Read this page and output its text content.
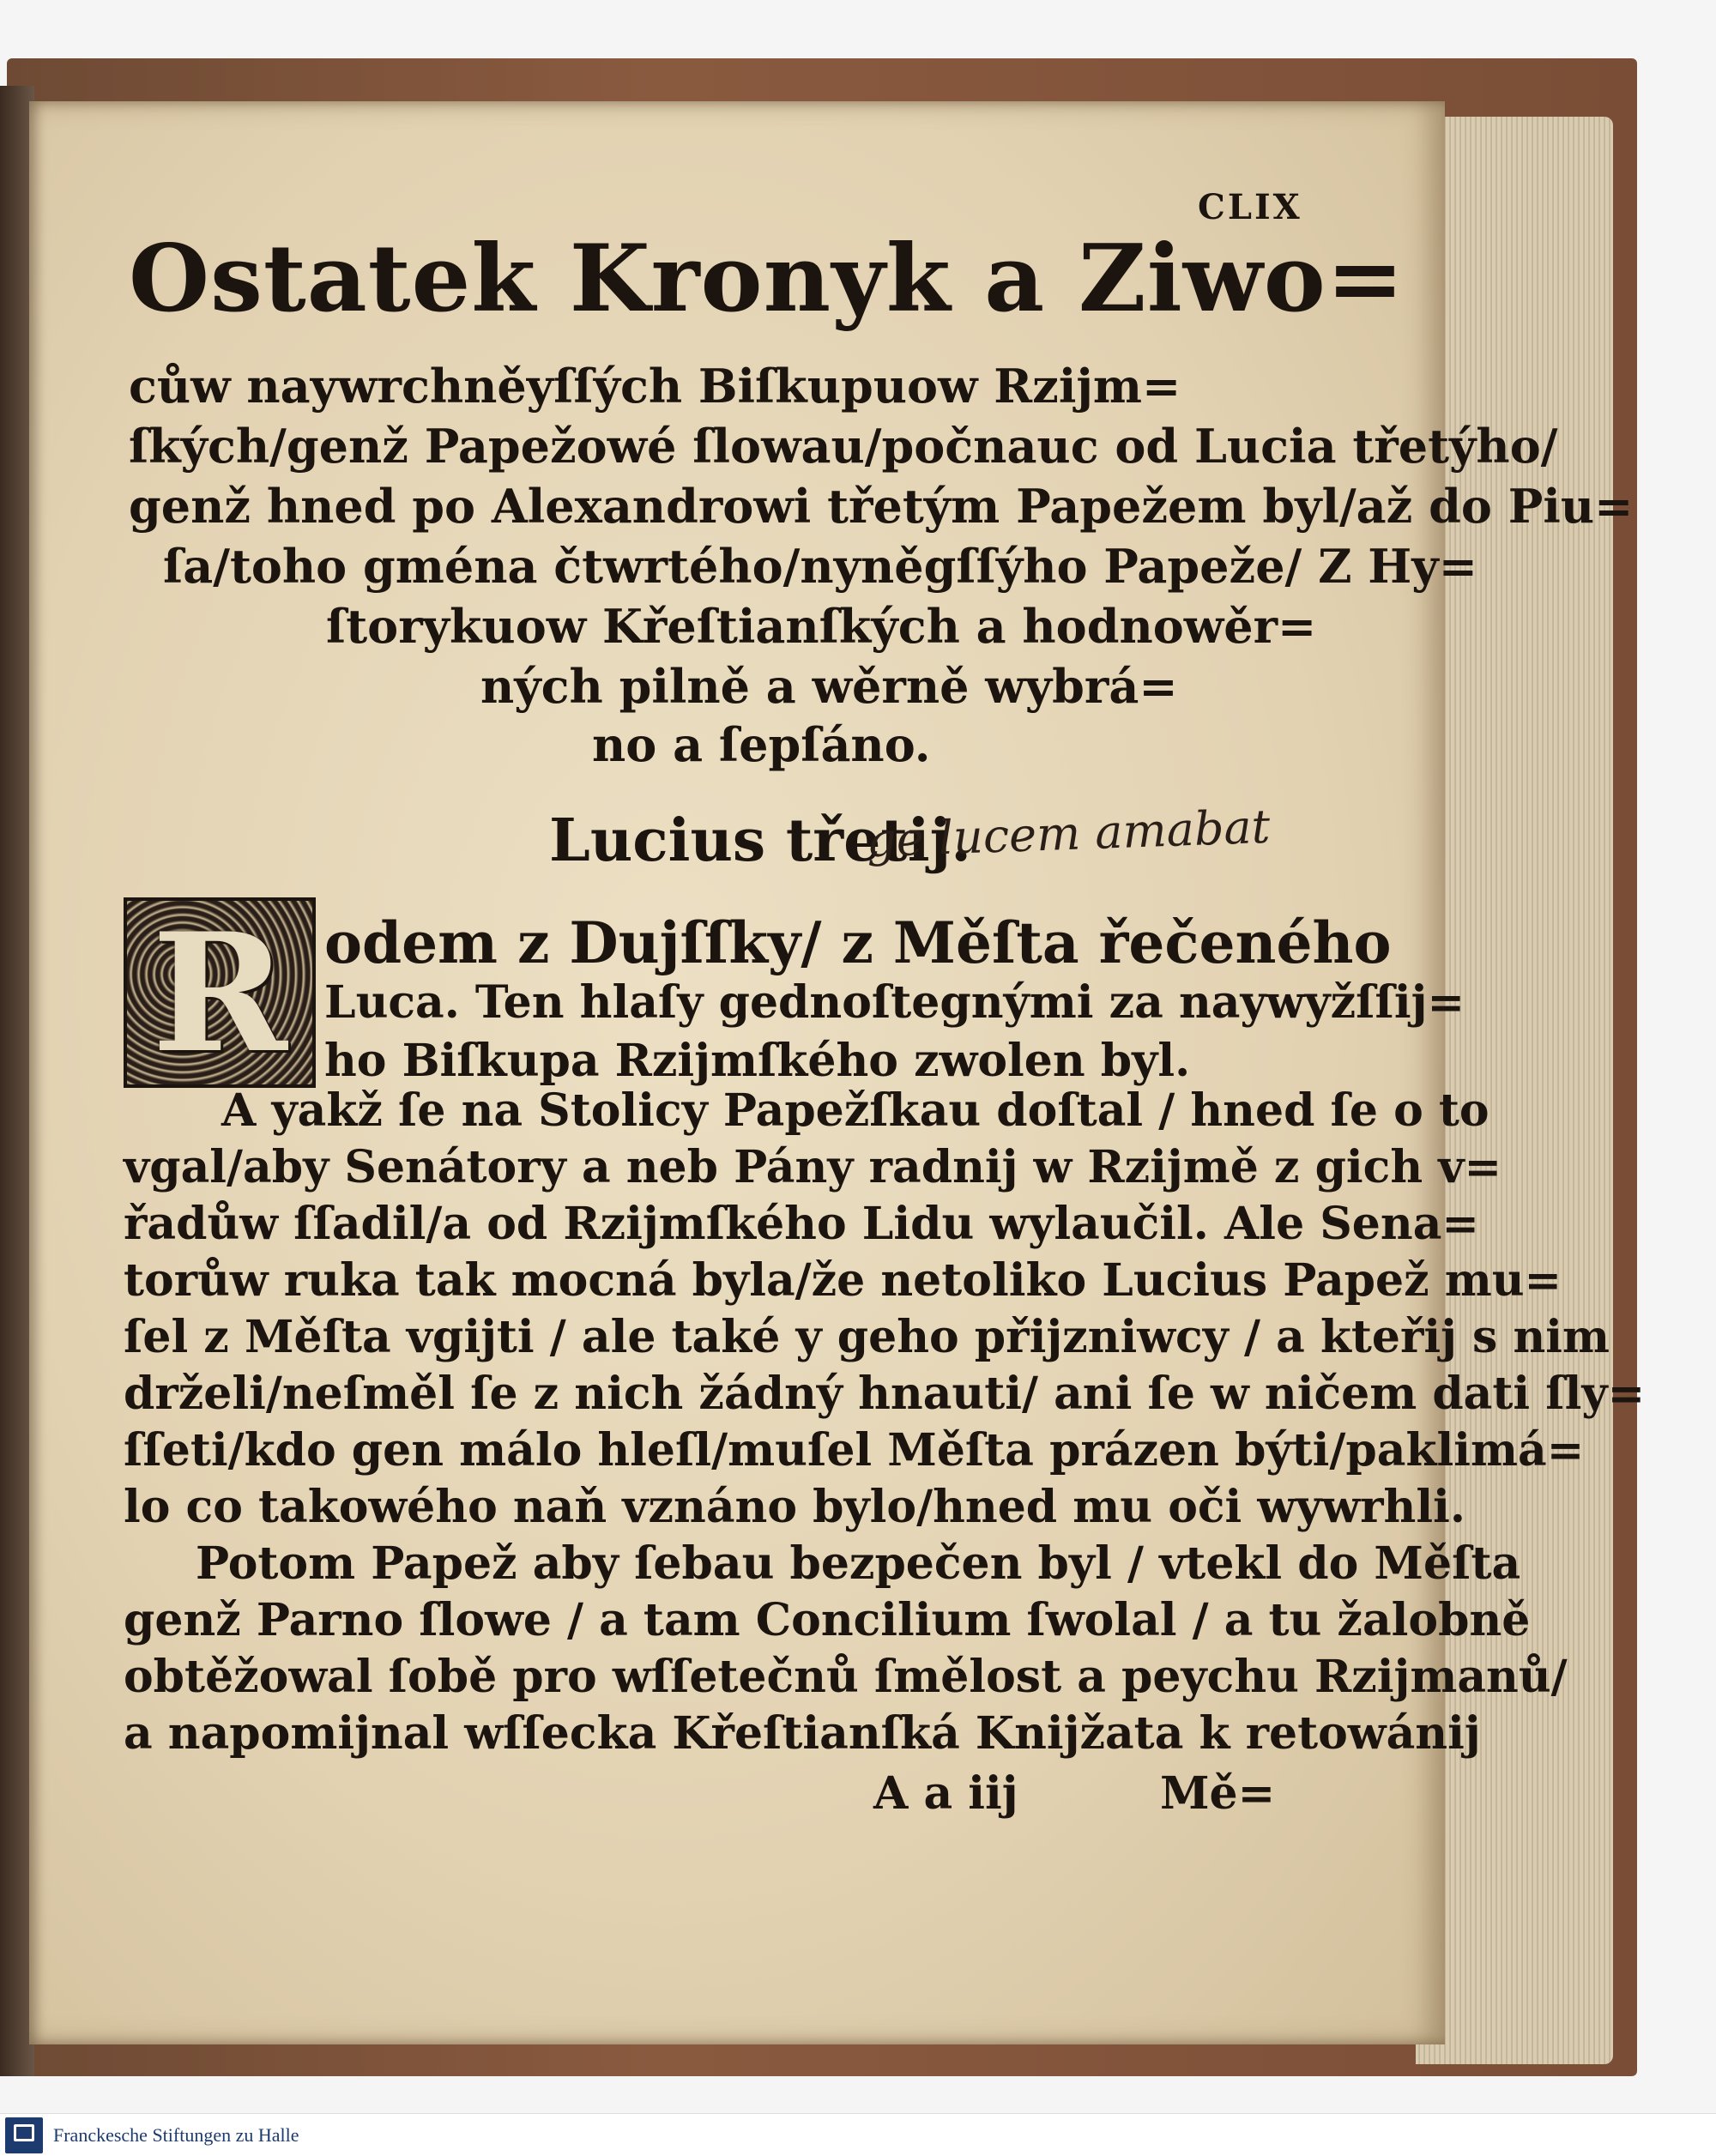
CLIX
Ostatek Kronyk a Ziwo=
cůw naywrchněyſſých Biſkupuow Rzijm=
ſkých/genž Papežowé ſlowau/počnauc od Lucia třetýho/
genž hned po Alexandrowi třetým Papežem byl/až do Piu=
ſa/toho gména čtwrtého/nyněgſſýho Papeže/ Z Hy=
ſtorykuow Křeſtianſkých a hodnowěr=
ných pilně a wěrně wybrá=
no a ſepſáno.
Lucius třetij.
ge lucem amabat
R odem z Dujſſky/ z Měſta řečeného
Luca. Ten hlaſy gednoſtegnými za naywyžſſij=
ho Biſkupa Rzijmſkého zwolen byl.
A yakž ſe na Stolicy Papežſkau doſtal / hned ſe o to
vgal/aby Senátory a neb Pány radnij w Rzijmě z gich v=
řadůw ſſadil/a od Rzijmſkého Lidu wylaučil. Ale Sena=
torůw ruka tak mocná byla/že netoliko Lucius Papež mu=
ſel z Měſta vgijti / ale také y geho přijzniwcy / a kteřij s nim
drželi/neſměl ſe z nich žádný hnauti/ ani ſe w ničem dati ſly=
ſſeti/kdo gen málo hleſl/muſel Měſta prázen býti/paklimá=
lo co takowého naň vznáno bylo/hned mu oči wywrhli.
Potom Papež aby ſebau bezpečen byl / vtekl do Měſta
genž Parno ſlowe / a tam Concilium ſwolal / a tu žalobně
obtěžowal ſobě pro wſſetečnů ſmělost a peychu Rzijmanů/
a napomijnal wſſecka Křeſtianſká Knijžata k retowánij
A a iij	Mě=
Franckesche Stiftungen zu Halle
